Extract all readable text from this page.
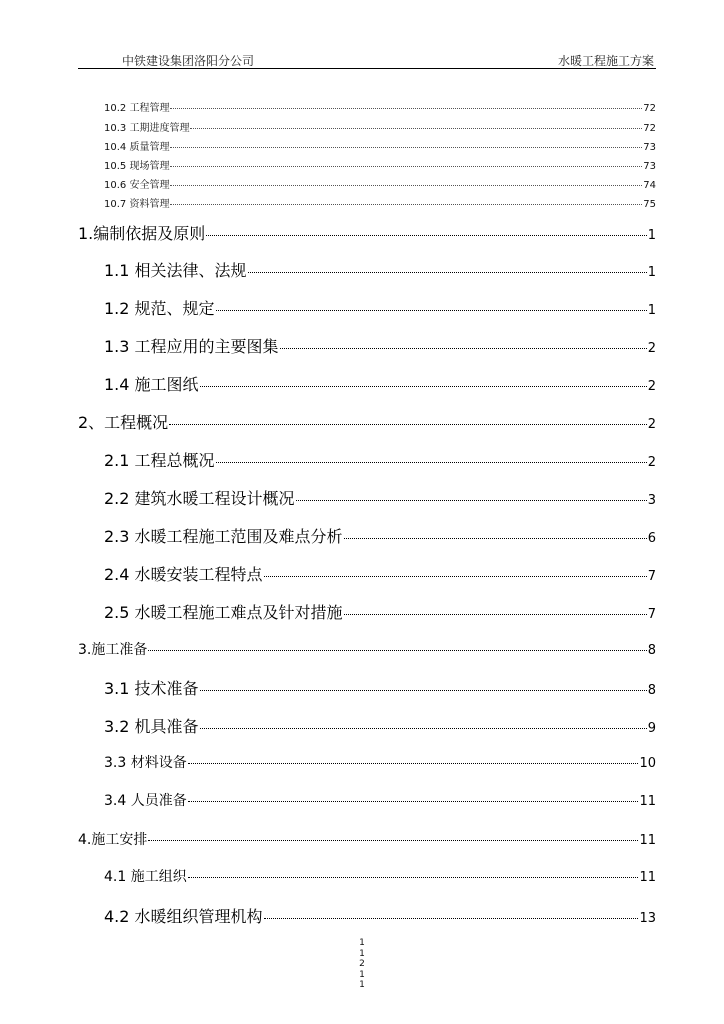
中铁建设集团洛阳分公司	水暖工程施工方案
10.2 工程管理	72
10.3 工期进度管理	72
10.4 质量管理	73
10.5 现场管理	73
10.6 安全管理	74
10.7 资料管理	75
1.编制依据及原则	1
1.1 相关法律、法规	1
1.2 规范、规定	1
1.3 工程应用的主要图集	2
1.4 施工图纸	2
2、工程概况	2
2.1 工程总概况	2
2.2 建筑水暖工程设计概况	3
2.3 水暖工程施工范围及难点分析	6
2.4 水暖安装工程特点	7
2.5 水暖工程施工难点及针对措施	7
3.施工准备	8
3.1 技术准备	8
3.2 机具准备	9
3.3 材料设备	10
3.4 人员准备	11
4.施工安排	11
4.1 施工组织	11
4.2 水暖组织管理机构	13
1
1
2
1
1
